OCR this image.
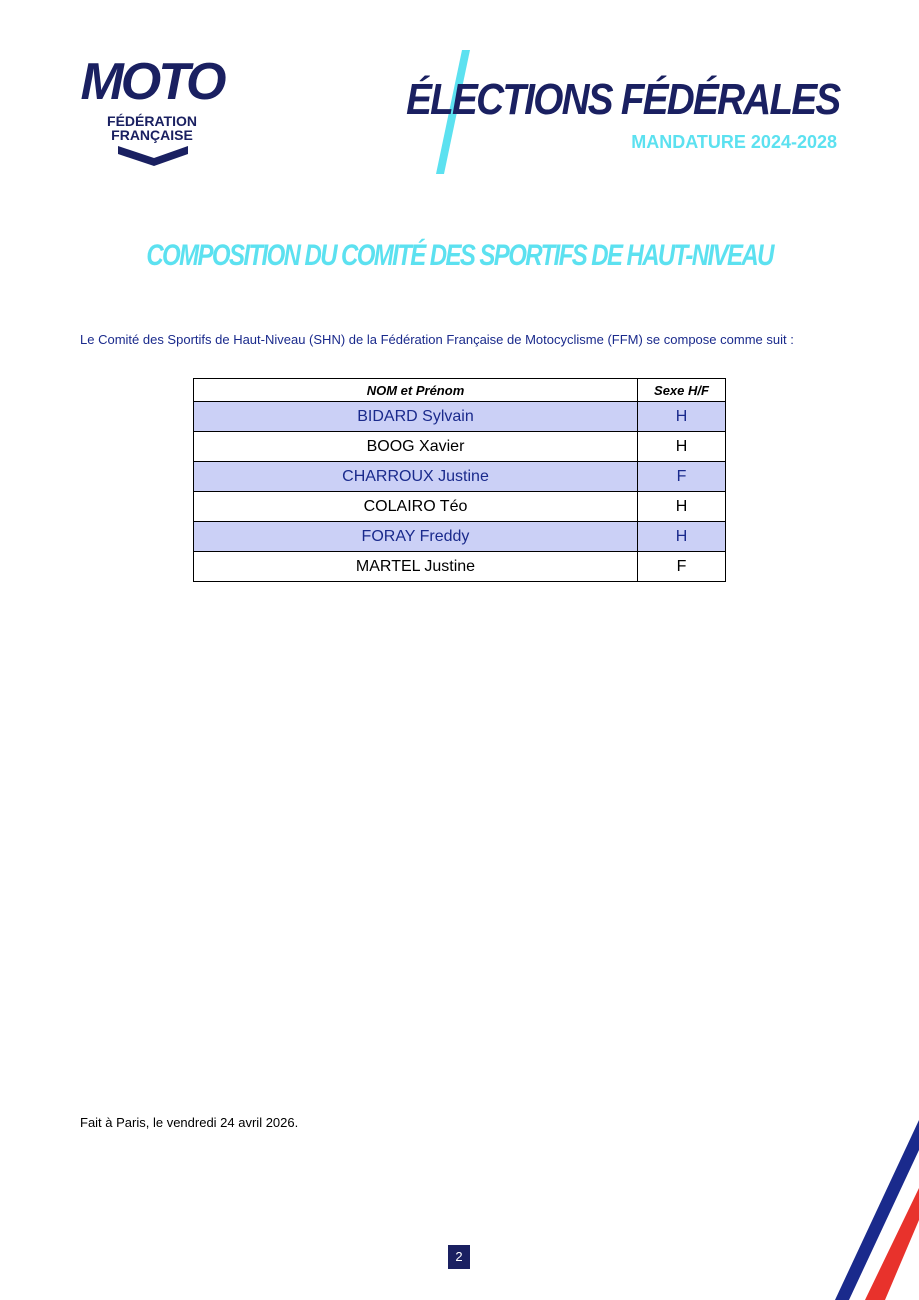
MOTO
FÉDÉRATION
FRANÇAISE
ÉLECTIONS FÉDÉRALES
MANDATURE 2024-2028
COMPOSITION DU COMITÉ DES SPORTIFS DE HAUT-NIVEAU
Le Comité des Sportifs de Haut-Niveau (SHN) de la Fédération Française de Motocyclisme (FFM) se compose comme suit :
NOM et Prénom	Sexe H/F
BIDARD Sylvain	H
BOOG Xavier	H
CHARROUX Justine	F
COLAIRO Téo	H
FORAY Freddy	H
MARTEL Justine	F
Fait à Paris, le vendredi 24 avril 2026.
2
